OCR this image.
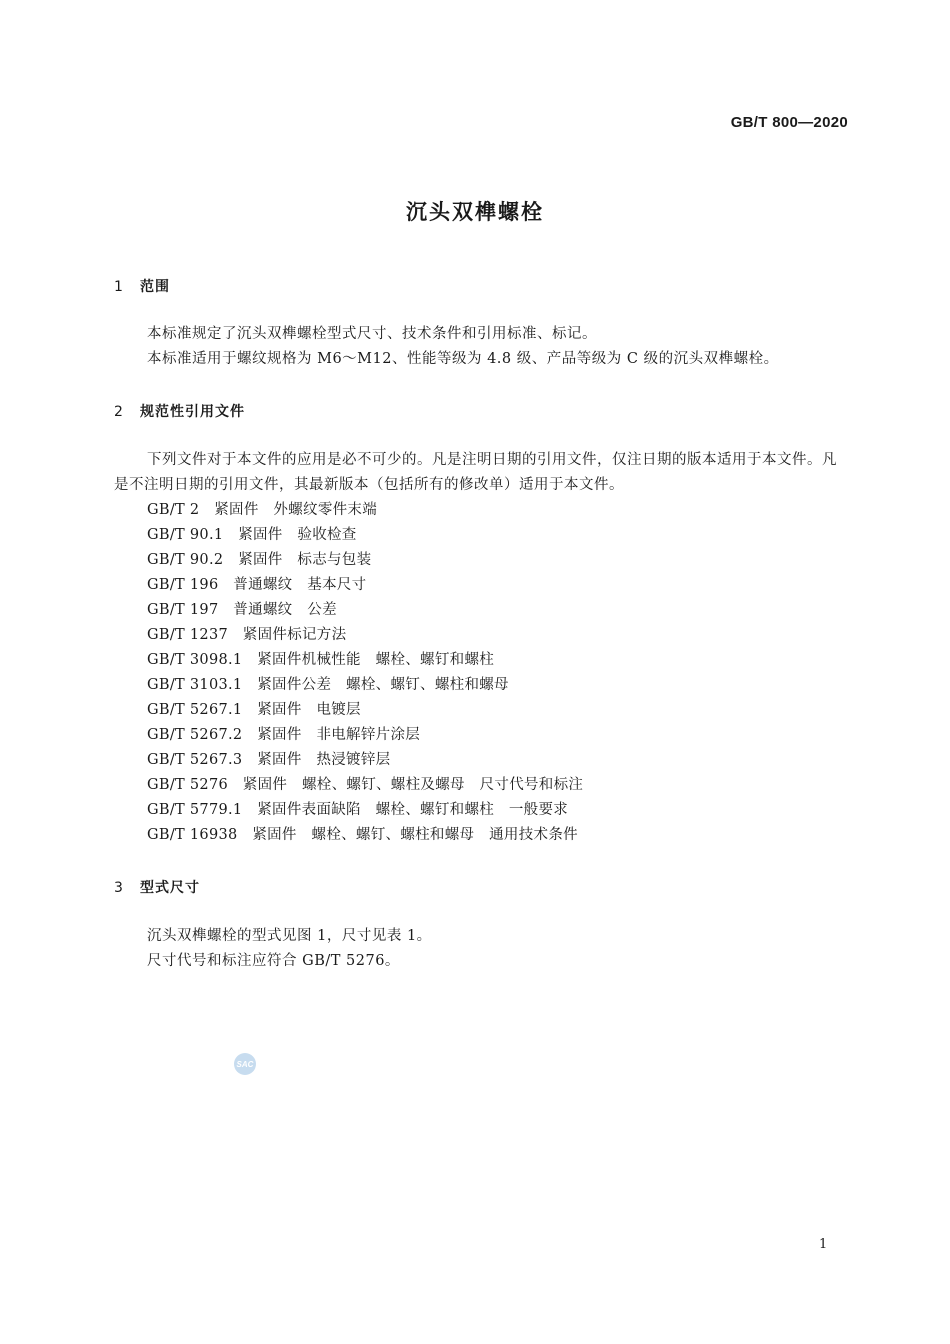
GB/T 800—2020
沉头双榫螺栓
1 范围
本标准规定了沉头双榫螺栓型式尺寸、技术条件和引用标准、标记。
本标准适用于螺纹规格为 M6～M12、性能等级为 4.8 级、产品等级为 C 级的沉头双榫螺栓。
2 规范性引用文件
下列文件对于本文件的应用是必不可少的。凡是注明日期的引用文件，仅注日期的版本适用于本文件。凡是不注明日期的引用文件，其最新版本（包括所有的修改单）适用于本文件。
GB/T 2　紧固件　外螺纹零件末端
GB/T 90.1　紧固件　验收检查
GB/T 90.2　紧固件　标志与包装
GB/T 196　普通螺纹　基本尺寸
GB/T 197　普通螺纹　公差
GB/T 1237　紧固件标记方法
GB/T 3098.1　紧固件机械性能　螺栓、螺钉和螺柱
GB/T 3103.1　紧固件公差　螺栓、螺钉、螺柱和螺母
GB/T 5267.1　紧固件　电镀层
GB/T 5267.2　紧固件　非电解锌片涂层
GB/T 5267.3　紧固件　热浸镀锌层
GB/T 5276　紧固件　螺栓、螺钉、螺柱及螺母　尺寸代号和标注
GB/T 5779.1　紧固件表面缺陷　螺栓、螺钉和螺柱　一般要求
GB/T 16938　紧固件　螺栓、螺钉、螺柱和螺母　通用技术条件
3 型式尺寸
沉头双榫螺栓的型式见图 1，尺寸见表 1。
尺寸代号和标注应符合 GB/T 5276。
SAC
1
